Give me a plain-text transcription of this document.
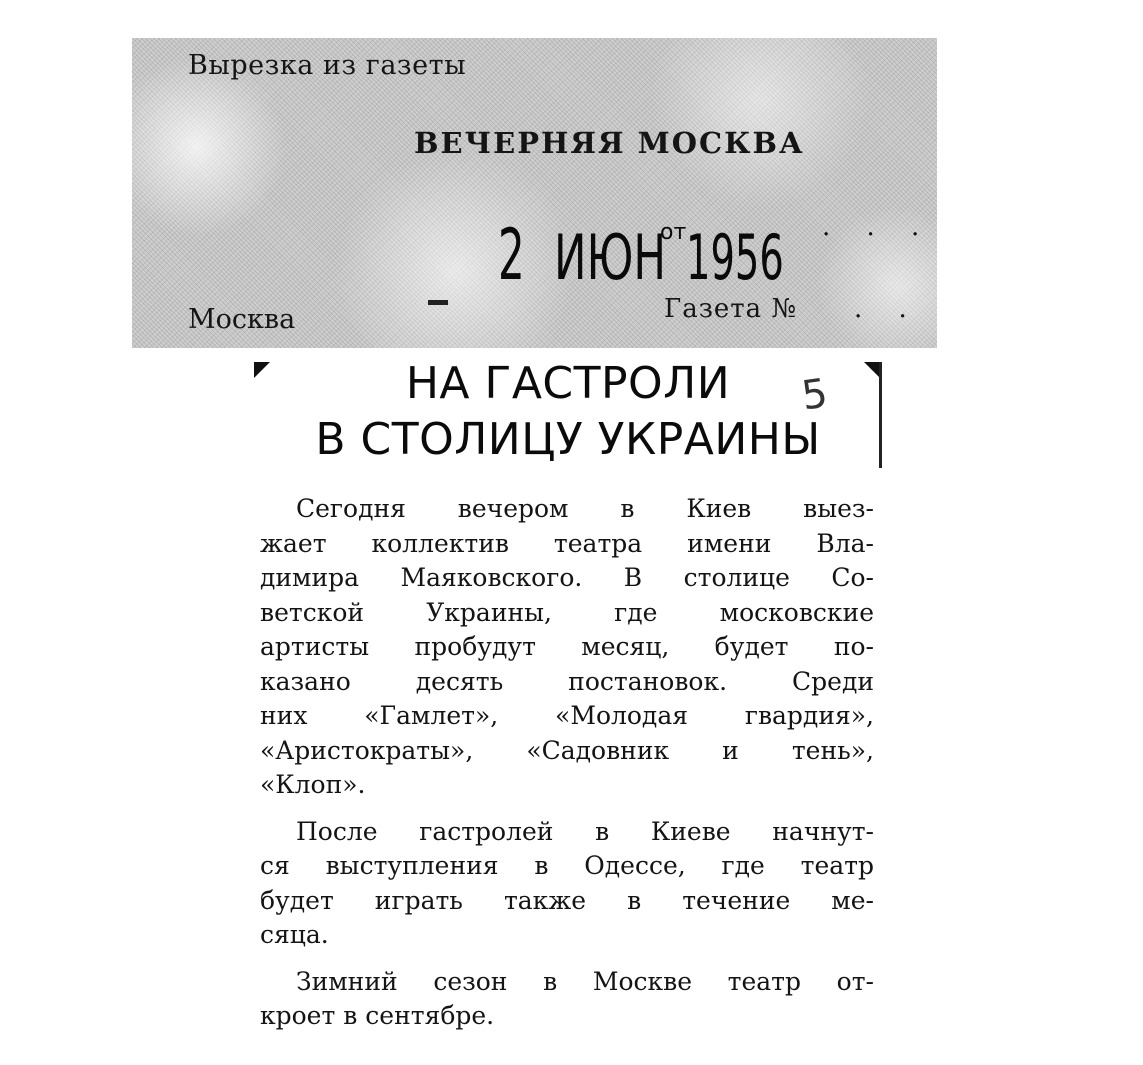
Вырезка из газеты
ВЕЧЕРНЯЯ МОСКВА
2 ИЮНот1956 · · ·
Москва	Газета № . .
НА ГАСТРОЛИ
В СТОЛИЦУ УКРАИНЫ
5

Сегодня вечером в Киев выез-
жает коллектив театра имени Вла-
димира Маяковского. В столице Со-
ветской Украины, где московские
артисты пробудут месяц, будет по-
казано десять постановок. Среди
них «Гамлет», «Молодая гвардия»,
«Аристократы», «Садовник и тень»,
«Клоп».

После гастролей в Киеве начнут-
ся выступления в Одессе, где театр
будет играть также в течение ме-
сяца.

Зимний сезон в Москве театр от-
кроет в сентябре.
